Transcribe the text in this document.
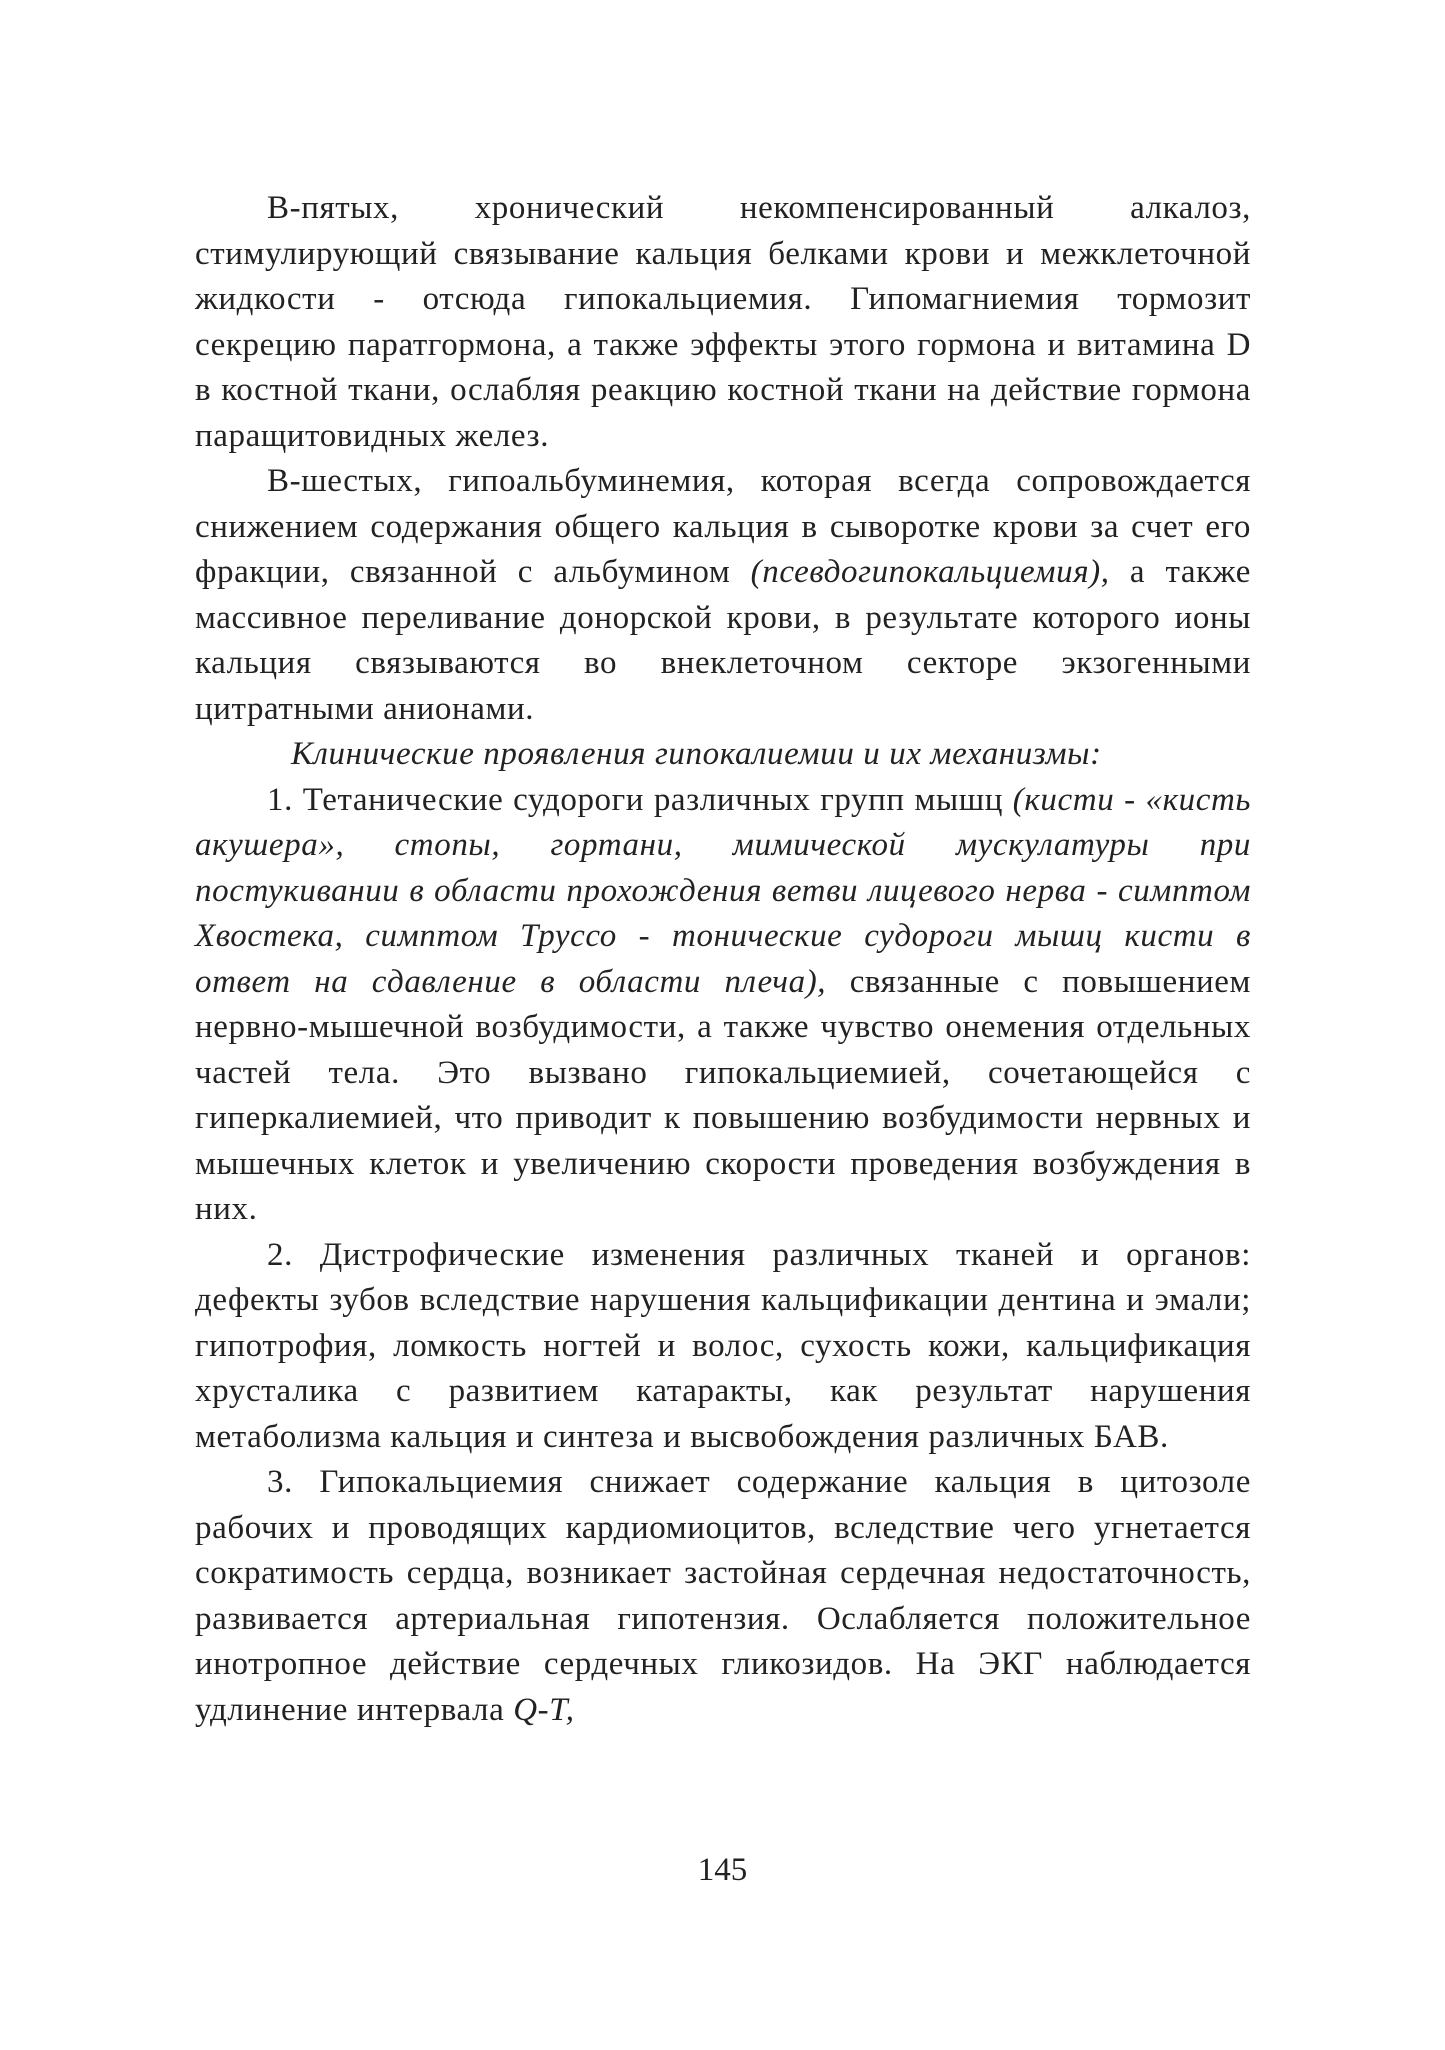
В-пятых, хронический некомпенсированный алкалоз, стимулирующий связывание кальция белками крови и межклеточной жидкости - отсюда гипокальциемия. Гипомагниемия тормозит секрецию паратгормона, а также эффекты этого гормона и витамина D в костной ткани, ослабляя реакцию костной ткани на действие гормона паращитовидных желез.

В-шестых, гипоальбуминемия, которая всегда сопровождается снижением содержания общего кальция в сыворотке крови за счет его фракции, связанной с альбумином (псевдогипокальциемия), а также массивное переливание донорской крови, в результате которого ионы кальция связываются во внеклеточном секторе экзогенными цитратными анионами.

Клинические проявления гипокалиемии и их механизмы:

1. Тетанические судороги различных групп мышц (кисти - «кисть акушера», стопы, гортани, мимической мускулатуры при постукивании в области прохождения ветви лицевого нерва - симптом Хвостека, симптом Труссо - тонические судороги мышц кисти в ответ на сдавление в области плеча), связанные с повышением нервно-мышечной возбудимости, а также чувство онемения отдельных частей тела. Это вызвано гипокальциемией, сочетающейся с гиперкалиемией, что приводит к повышению возбудимости нервных и мышечных клеток и увеличению скорости проведения возбуждения в них.

2. Дистрофические изменения различных тканей и органов: дефекты зубов вследствие нарушения кальцификации дентина и эмали; гипотрофия, ломкость ногтей и волос, сухость кожи, кальцификация хрусталика с развитием катаракты, как результат нарушения метаболизма кальция и синтеза и высвобождения различных БАВ.

3. Гипокальциемия снижает содержание кальция в цитозоле рабочих и проводящих кардиомиоцитов, вследствие чего угнетается сократимость сердца, возникает застойная сердечная недостаточность, развивается артериальная гипотензия. Ослабляется положительное инотропное действие сердечных гликозидов. На ЭКГ наблюдается удлинение интервала Q-T,

145
